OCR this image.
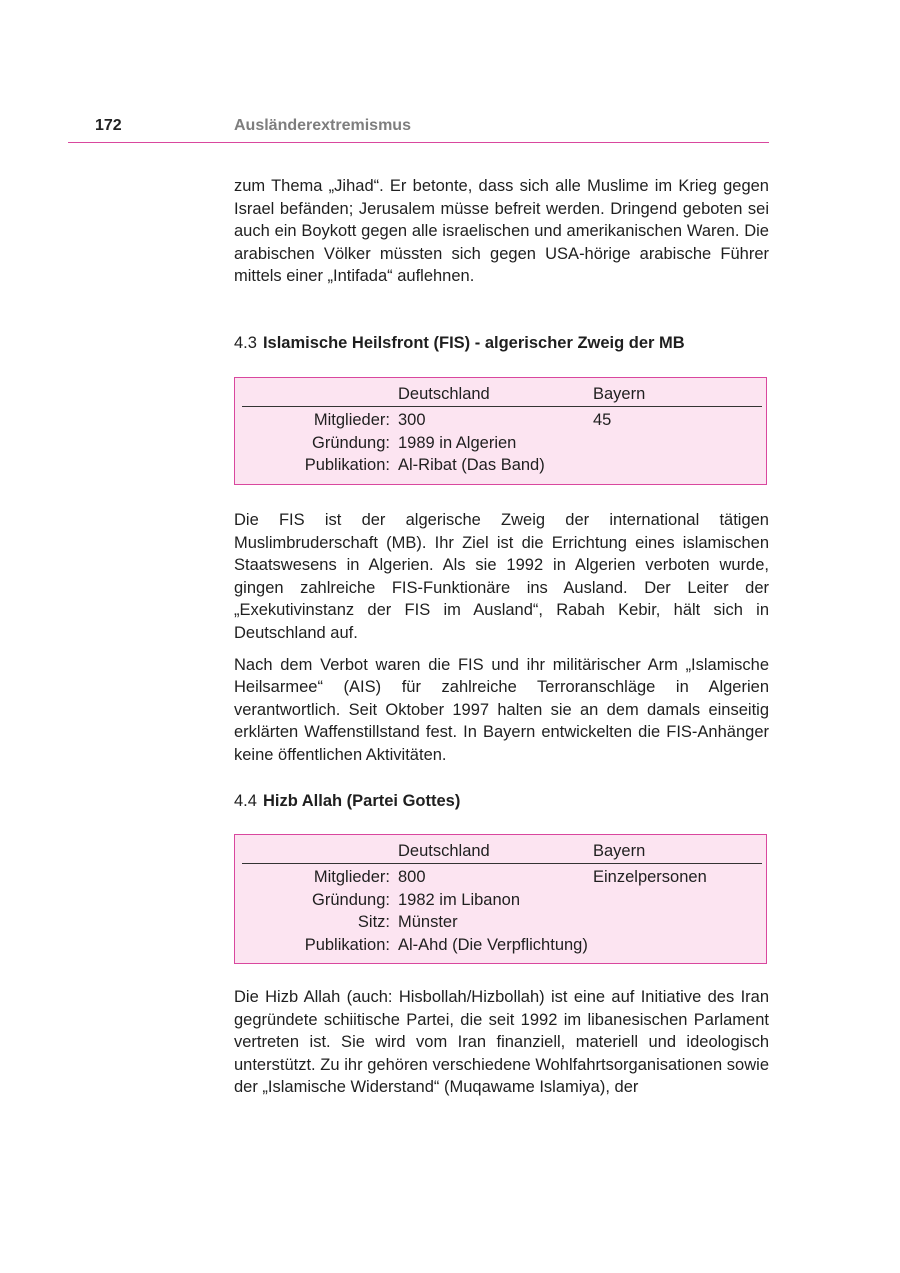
172	Ausländerextremismus

zum Thema „Jihad“. Er betonte, dass sich alle Muslime im Krieg gegen Israel befänden; Jerusalem müsse befreit werden. Dringend geboten sei auch ein Boykott gegen alle israelischen und amerikanischen Waren. Die arabischen Völker müssten sich gegen USA-hörige arabische Führer mittels einer „Intifada“ auflehnen.

4.3 Islamische Heilsfront (FIS) - algerischer Zweig der MB
	Deutschland	Bayern
Mitglieder:	300	45
Gründung:	1989 in Algerien	
Publikation:	Al-Ribat (Das Band)	

Die FIS ist der algerische Zweig der international tätigen Muslimbruderschaft (MB). Ihr Ziel ist die Errichtung eines islamischen Staatswesens in Algerien. Als sie 1992 in Algerien verboten wurde, gingen zahlreiche FIS-Funktionäre ins Ausland. Der Leiter der „Exekutivinstanz der FIS im Ausland“, Rabah Kebir, hält sich in Deutschland auf.

Nach dem Verbot waren die FIS und ihr militärischer Arm „Islamische Heilsarmee“ (AIS) für zahlreiche Terroranschläge in Algerien verantwortlich. Seit Oktober 1997 halten sie an dem damals einseitig erklärten Waffenstillstand fest. In Bayern entwickelten die FIS-Anhänger keine öffentlichen Aktivitäten.

4.4 Hizb Allah (Partei Gottes)
	Deutschland	Bayern
Mitglieder:	800	Einzelpersonen
Gründung:	1982 im Libanon	
Sitz:	Münster	
Publikation:	Al-Ahd (Die Verpflichtung)	

Die Hizb Allah (auch: Hisbollah/Hizbollah) ist eine auf Initiative des Iran gegründete schiitische Partei, die seit 1992 im libanesischen Parlament vertreten ist. Sie wird vom Iran finanziell, materiell und ideologisch unterstützt. Zu ihr gehören verschiedene Wohlfahrtsorganisationen sowie der „Islamische Widerstand“ (Muqawame Islamiya), der
